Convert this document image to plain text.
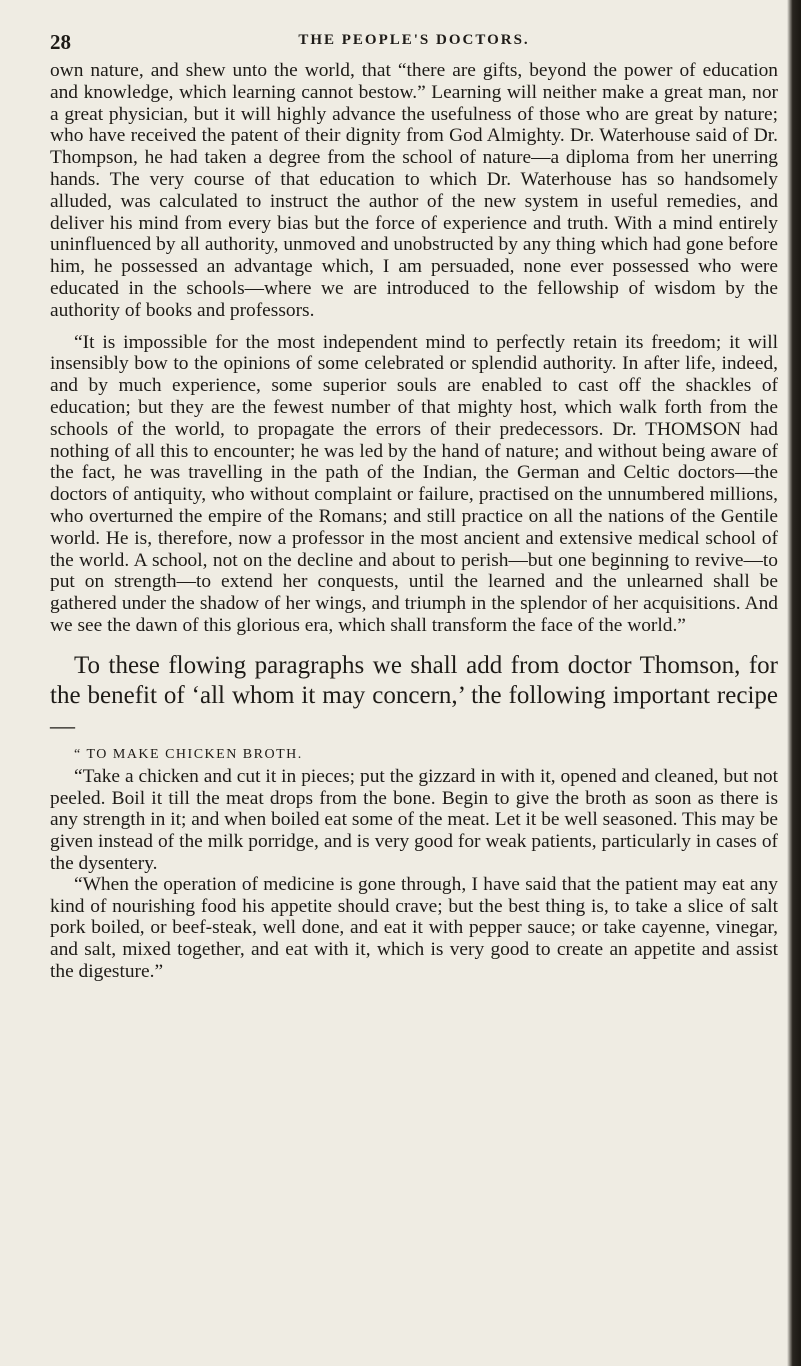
28	THE PEOPLE'S DOCTORS.

own nature, and shew unto the world, that “there are gifts, beyond the power of education and knowledge, which learning cannot bestow.” Learning will neither make a great man, nor a great physician, but it will highly advance the usefulness of those who are great by nature; who have received the patent of their dignity from God Almighty. Dr. Waterhouse said of Dr. Thompson, he had taken a degree from the school of nature—a diploma from her unerring hands. The very course of that education to which Dr. Waterhouse has so handsomely alluded, was calculated to instruct the author of the new system in useful remedies, and deliver his mind from every bias but the force of experience and truth. With a mind entirely uninfluenced by all authority, unmoved and unobstructed by any thing which had gone before him, he possessed an advantage which, I am persuaded, none ever possessed who were educated in the schools—where we are introduced to the fellowship of wisdom by the authority of books and professors.

“It is impossible for the most independent mind to perfectly retain its freedom; it will insensibly bow to the opinions of some celebrated or splendid authority. In after life, indeed, and by much experience, some superior souls are enabled to cast off the shackles of education; but they are the fewest number of that mighty host, which walk forth from the schools of the world, to propagate the errors of their predecessors. Dr. THOMSON had nothing of all this to encounter; he was led by the hand of nature; and without being aware of the fact, he was travelling in the path of the Indian, the German and Celtic doctors—the doctors of antiquity, who without complaint or failure, practised on the unnumbered millions, who overturned the empire of the Romans; and still practice on all the nations of the Gentile world. He is, therefore, now a professor in the most ancient and extensive medical school of the world. A school, not on the decline and about to perish—but one beginning to revive—to put on strength—to extend her conquests, until the learned and the unlearned shall be gathered under the shadow of her wings, and triumph in the splendor of her acquisitions. And we see the dawn of this glorious era, which shall transform the face of the world.”

To these flowing paragraphs we shall add from doctor Thomson, for the benefit of ‘all whom it may concern,’ the following important recipe—

“ TO MAKE CHICKEN BROTH.

“Take a chicken and cut it in pieces; put the gizzard in with it, opened and cleaned, but not peeled. Boil it till the meat drops from the bone. Begin to give the broth as soon as there is any strength in it; and when boiled eat some of the meat. Let it be well seasoned. This may be given instead of the milk porridge, and is very good for weak patients, particularly in cases of the dysentery.

“When the operation of medicine is gone through, I have said that the patient may eat any kind of nourishing food his appetite should crave; but the best thing is, to take a slice of salt pork boiled, or beef-steak, well done, and eat it with pepper sauce; or take cayenne, vinegar, and salt, mixed together, and eat with it, which is very good to create an appetite and assist the digesture.”
